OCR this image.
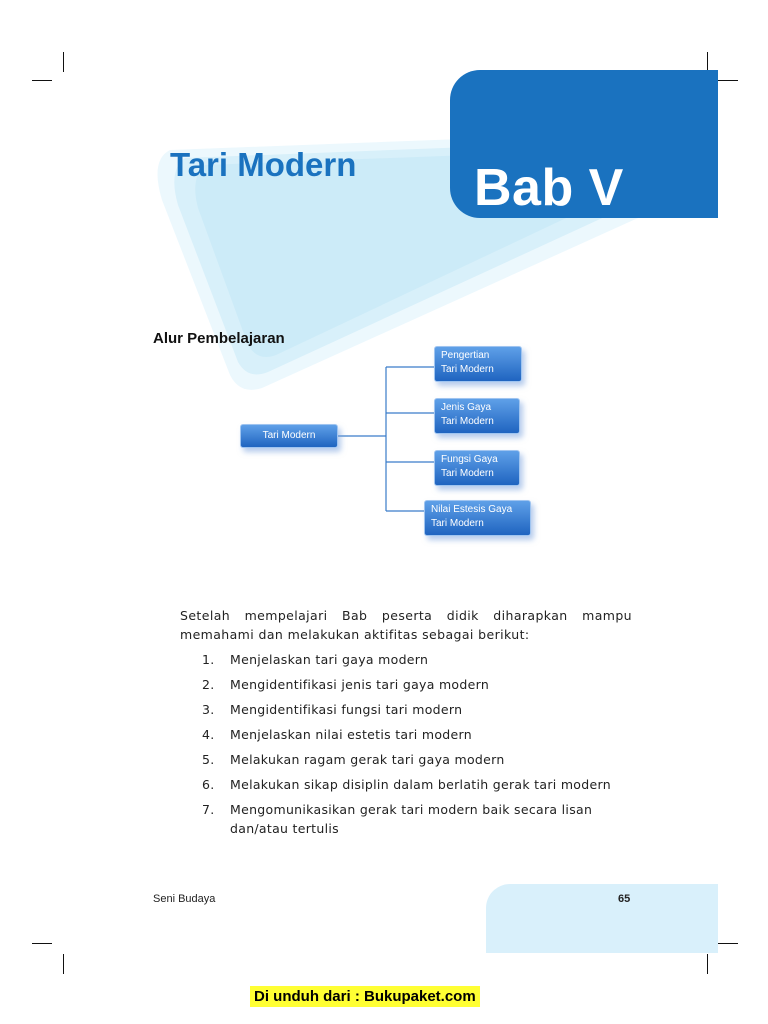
Bab V
Tari Modern
Alur Pembelajaran
Tari Modern
Pengertian
Tari Modern
Jenis Gaya
Tari Modern
Fungsi Gaya
Tari Modern
Nilai Estesis Gaya
Tari Modern
Setelah mempelajari Bab peserta didik diharapkan mampu memahami dan melakukan aktifitas sebagai berikut:
1. Menjelaskan tari gaya modern
2. Mengidentifikasi jenis tari gaya modern
3. Mengidentifikasi fungsi tari modern
4. Menjelaskan nilai estetis tari modern
5. Melakukan ragam gerak tari gaya modern
6. Melakukan sikap disiplin dalam berlatih gerak tari modern
7. Mengomunikasikan gerak tari modern baik secara lisan dan/atau tertulis
Seni Budaya	65
Di unduh dari : Bukupaket.com
